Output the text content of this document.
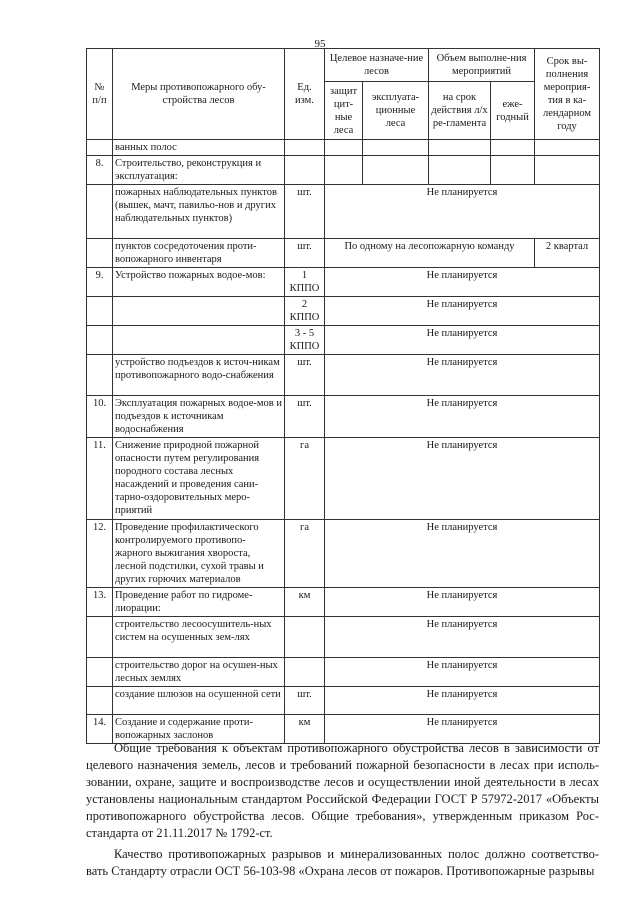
95
№ п/п	Меры противопожарного обу-стройства лесов	Ед. изм.	Целевое назначе-ние лесов		Объем выполне-ния мероприятий		Срок вы-полнения мероприя-тия в ка-лендарном году
			защит цит-ные леса	эксплуата-ционные леса	на срок действия л/х ре-гламента	еже-годный	
	ванных полос						
8.	Строительство, реконструкция и эксплуатация:						
	пожарных наблюдательных пунктов (вышек, мачт, павильо-нов и других наблюдательных пунктов)	шт.	Не планируется				
	пунктов сосредоточения проти-вопожарного инвентаря	шт.	По одному на лесопожарную команду				2 квартал
9.	Устройство пожарных водое-мов:	1 КППО	Не планируется				
		2 КППО	Не планируется				
		3 - 5 КППО	Не планируется				
	устройство подъездов к источ-никам противопожарного водо-снабжения	шт.	Не планируется				
10.	Эксплуатация пожарных водое-мов и подъездов к источникам водоснабжения	шт.	Не планируется				
11.	Снижение природной пожарной опасности путем регулирования породного состава лесных насаждений и проведения сани-тарно-оздоровительных меро-приятий	га	Не планируется				
12.	Проведение профилактического контролируемого противопо-жарного выжигания хвороста, лесной подстилки, сухой травы и других горючих материалов	га	Не планируется				
13.	Проведение работ по гидроме-лиорации:	км	Не планируется				
	строительство лесоосушитель-ных систем на осушенных зем-лях		Не планируется				
	строительство дорог на осушен-ных лесных землях		Не планируется				
	создание шлюзов на осушенной сети	шт.	Не планируется				
14.	Создание и содержание проти-вопожарных заслонов	км	Не планируется				

Общие требования к объектам противопожарного обустройства лесов в зависимости от целевого назначения земель, лесов и требований пожарной безопасности в лесах при исполь-зовании, охране, защите и воспроизводстве лесов и осуществлении иной деятельности в лесах установлены национальным стандартом Российской Федерации ГОСТ Р 57972-2017 «Объекты противопожарного обустройства лесов. Общие требования», утвержденным приказом Рос-стандарта от 21.11.2017 № 1792-ст.

Качество противопожарных разрывов и минерализованных полос должно соответство-вать Стандарту отрасли ОСТ 56-103-98 «Охрана лесов от пожаров. Противопожарные разрывы
